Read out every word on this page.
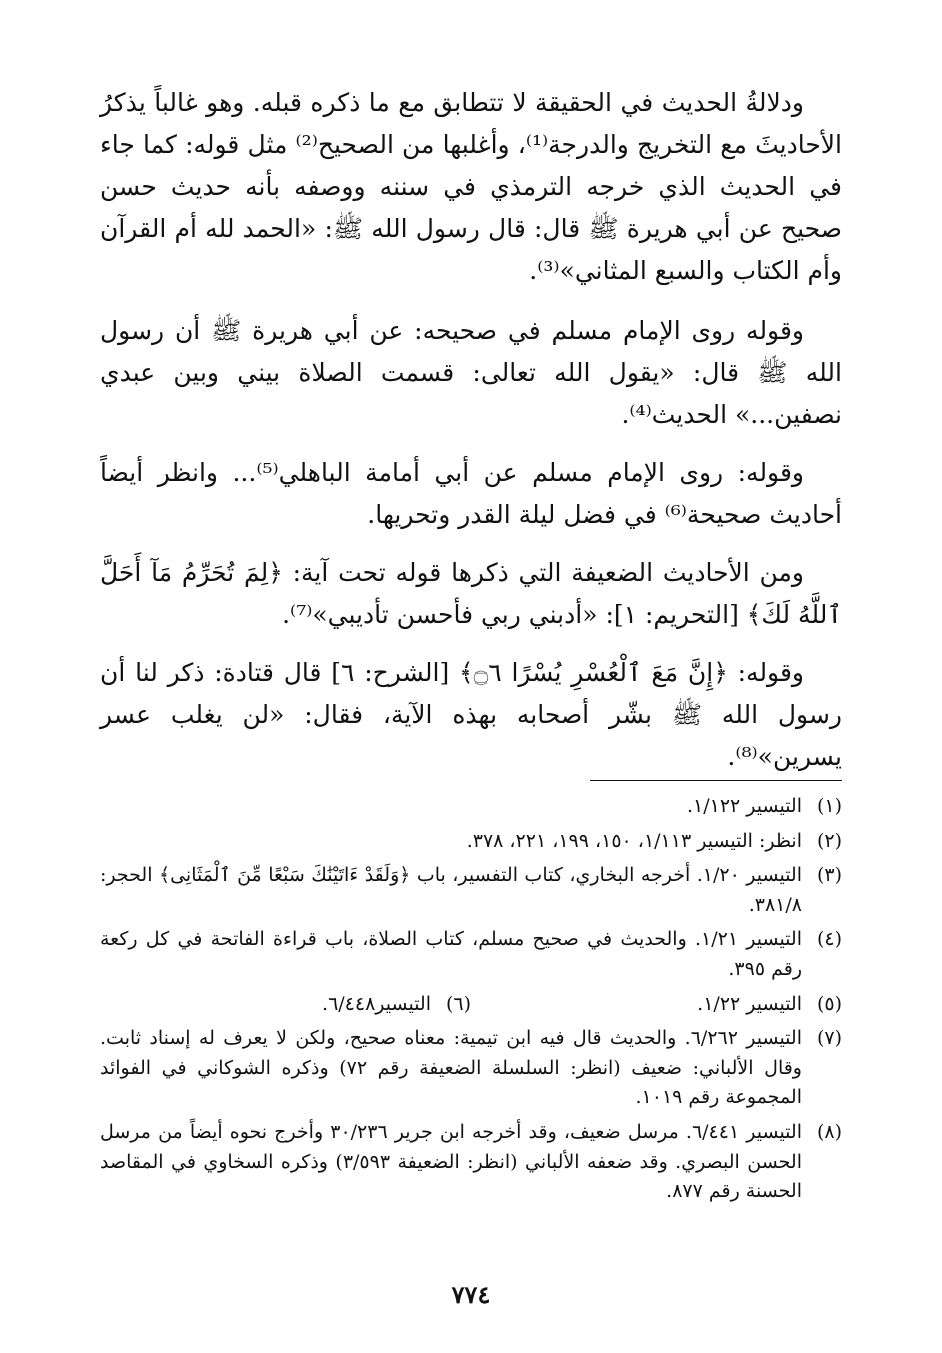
ودلالةُ الحديث في الحقيقة لا تتطابق مع ما ذكره قبله. وهو غالباً يذكرُ الأحاديثَ مع التخريج والدرجة⁽¹⁾، وأغلبها من الصحيح⁽²⁾ مثل قوله: كما جاء في الحديث الذي خرجه الترمذي في سننه ووصفه بأنه حديث حسن صحيح عن أبي هريرة ﷺ قال: قال رسول الله ﷺ: «الحمد لله أم القرآن وأم الكتاب والسبع المثاني»⁽³⁾.

وقوله روى الإمام مسلم في صحيحه: عن أبي هريرة ﷺ أن رسول الله ﷺ قال: «يقول الله تعالى: قسمت الصلاة بيني وبين عبدي نصفين...» الحديث⁽⁴⁾.

وقوله: روى الإمام مسلم عن أبي أمامة الباهلي⁽⁵⁾... وانظر أيضاً أحاديث صحيحة⁽⁶⁾ في فضل ليلة القدر وتحريها.

ومن الأحاديث الضعيفة التي ذكرها قوله تحت آية: ﴿لِمَ تُحَرِّمُ مَآ أَحَلَّ ٱللَّهُ لَكَ﴾ [التحريم: ١]: «أدبني ربي فأحسن تأديبي»⁽⁷⁾.

وقوله: ﴿إِنَّ مَعَ ٱلْعُسْرِ يُسْرًا ۝٦﴾ [الشرح: ٦] قال قتادة: ذكر لنا أن رسول الله ﷺ بشّر أصحابه بهذه الآية، فقال: «لن يغلب عسر يسرين»⁽⁸⁾.

(١)
التيسير ١/١٢٢.
(٢)
انظر: التيسير ١/١١٣، ١٥٠، ١٩٩، ٢٢١، ٣٧٨.
(٣)
التيسير ١/٢٠. أخرجه البخاري، كتاب التفسير، باب ﴿وَلَقَدْ ءَاتَيْنَٰكَ سَبْعًا مِّنَ ٱلْمَثَانِى﴾ الحجر: ٣٨١/٨.
(٤)
التيسير ١/٢١. والحديث في صحيح مسلم، كتاب الصلاة، باب قراءة الفاتحة في كل ركعة رقم ٣٩٥.
(٥)
التيسير ١/٢٢.
(٦)
التيسير٦/٤٤٨.
(٧)
التيسير ٦/٢٦٢. والحديث قال فيه ابن تيمية: معناه صحيح، ولكن لا يعرف له إسناد ثابت. وقال الألباني: ضعيف (انظر: السلسلة الضعيفة رقم ٧٢) وذكره الشوكاني في الفوائد المجموعة رقم ١٠١٩.
(٨)
التيسير ٦/٤٤١. مرسل ضعيف، وقد أخرجه ابن جرير ٣٠/٢٣٦ وأخرج نحوه أيضاً من مرسل الحسن البصري. وقد ضعفه الألباني (انظر: الضعيفة ٣/٥٩٣) وذكره السخاوي في المقاصد الحسنة رقم ٨٧٧.
٧٧٤
